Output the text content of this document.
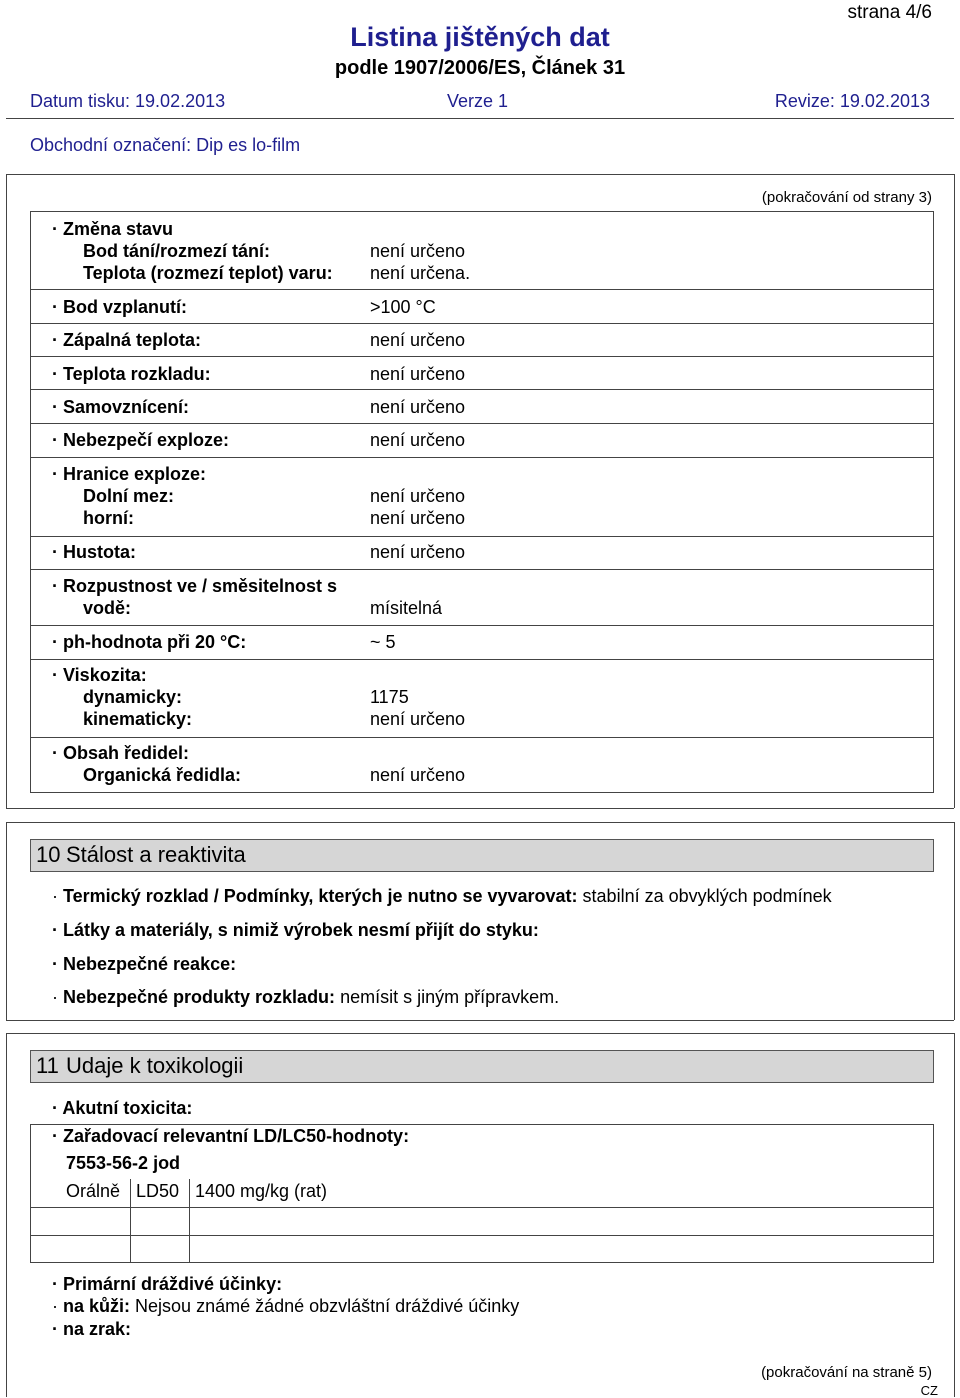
strana 4/6
Listina jištěných dat
podle 1907/2006/ES, Článek 31
Datum tisku: 19.02.2013	Verze 1	Revize: 19.02.2013
Obchodní označení: Dip es lo-film
(pokračování od strany 3)
· Změna stavu
Bod tání/rozmezí tání:	není určeno
Teplota (rozmezí teplot) varu: není určena.
· Bod vzplanutí:	>100 °C
· Zápalná teplota:	není určeno
· Teplota rozkladu:	není určeno
· Samovznícení:	není určeno
· Nebezpečí exploze:	není určeno
· Hranice exploze:
Dolní mez:	není určeno
horní:	není určeno
· Hustota:	není určeno
· Rozpustnost ve / směsitelnost s
vodě:	mísitelná
· ph-hodnota při 20 °C:	~ 5
· Viskozita:
dynamicky:	1175
kinematicky:	není určeno
· Obsah ředidel:
Organická ředidla:	není určeno
10 Stálost a reaktivita
· Termický rozklad / Podmínky, kterých je nutno se vyvarovat: stabilní za obvyklých podmínek
· Látky a materiály, s nimiž výrobek nesmí přijít do styku:
· Nebezpečné reakce:
· Nebezpečné produkty rozkladu: nemísit s jiným přípravkem.
11 Udaje k toxikologii
· Akutní toxicita:
· Zařadovací relevantní LD/LC50-hodnoty:
7553-56-2 jod
Orálně LD50 1400 mg/kg (rat)
· Primární dráždivé účinky:
· na kůži: Nejsou známé žádné obzvláštní dráždivé účinky
· na zrak:
(pokračování na straně 5)
CZ
